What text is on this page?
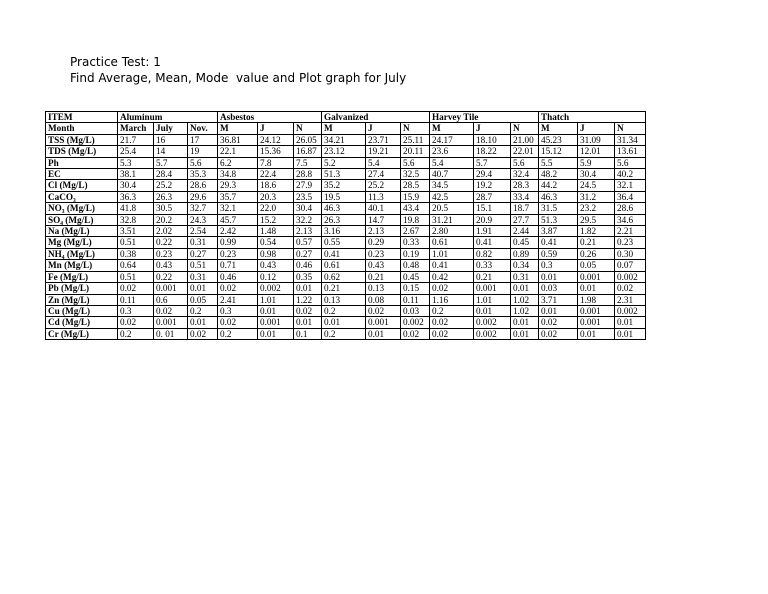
Practice Test: 1
Find Average, Mean, Mode  value and Plot graph for July
ITEM	Aluminum			Asbestos			Galvanized			Harvey Tile			Thatch		
Month	March	July	Nov.	M	J	N	M	J	N	M	J	N	M	J	N
TSS (Mg/L)	21.7	16	17	36.81	24.12	26.05	34.21	23.71	25.11	24.17	18.10	21.00	45.23	31.09	31.34
TDS (Mg/L)	25.4	14	19	22.1	15.36	16.87	23.12	19.21	20.11	23.6	18.22	22.01	15.12	12.01	13.61
Ph	5.3	5.7	5.6	6.2	7.8	7.5	5.2	5.4	5.6	5.4	5.7	5.6	5.5	5.9	5.6
EC	38.1	28.4	35.3	34.8	22.4	28.8	51.3	27.4	32.5	40.7	29.4	32.4	48.2	30.4	40.2
Cl (Mg/L)	30.4	25.2	28.6	29.3	18.6	27.9	35.2	25.2	28.5	34.5	19.2	28.3	44.2	24.5	32.1
CaCO₃	36.3	26.3	29.6	35.7	20.3	23.5	19.5	11.3	15.9	42.5	28.7	33.4	46.3	31.2	36.4
NO₃ (Mg/L)	41.8	30.5	32.7	32.1	22.0	30.4	46.3	40.1	43.4	20.5	15.1	18.7	31.5	23.2	28.6
SO₄ (Mg/L)	32.8	20.2	24.3	45.7	15.2	32.2	26.3	14.7	19.8	31.21	20.9	27.7	51.3	29.5	34.6
Na (Mg/L)	3.51	2.02	2.54	2.42	1.48	2.13	3.16	2.13	2.67	2.80	1.91	2.44	3.87	1.82	2.21
Mg (Mg/L)	0.51	0.22	0.31	0.99	0.54	0.57	0.55	0.29	0.33	0.61	0.41	0.45	0.41	0.21	0.23
NH₄ (Mg/L)	0.38	0.23	0.27	0.23	0.98	0.27	0.41	0.23	0.19	1.01	0.82	0.89	0.59	0.26	0.30
Mn (Mg/L)	0.64	0.43	0.51	0.71	0.43	0.46	0.61	0.43	0.48	0.41	0.33	0.34	0.3	0.05	0.07
Fe (Mg/L)	0.51	0.22	0.31	0.46	0.12	0.35	0.62	0.21	0.45	0.42	0.21	0.31	0.01	0.001	0.002
Pb (Mg/L)	0.02	0.001	0.01	0.02	0.002	0.01	0.21	0.13	0.15	0.02	0.001	0.01	0.03	0.01	0.02
Zn (Mg/L)	0.11	0.6	0.05	2.41	1.01	1.22	0.13	0.08	0.11	1.16	1.01	1.02	3.71	1.98	2.31
Cu (Mg/L)	0.3	0.02	0.2	0.3	0.01	0.02	0.2	0.02	0.03	0.2	0.01	1.02	0.01	0.001	0.002
Cd (Mg/L)	0.02	0.001	0.01	0.02	0.001	0.01	0.01	0.001	0.002	0.02	0.002	0.01	0.02	0.001	0.01
Cr (Mg/L)	0.2	0. 01	0.02	0.2	0.01	0.1	0.2	0.01	0.02	0.02	0.002	0.01	0.02	0.01	0.01
